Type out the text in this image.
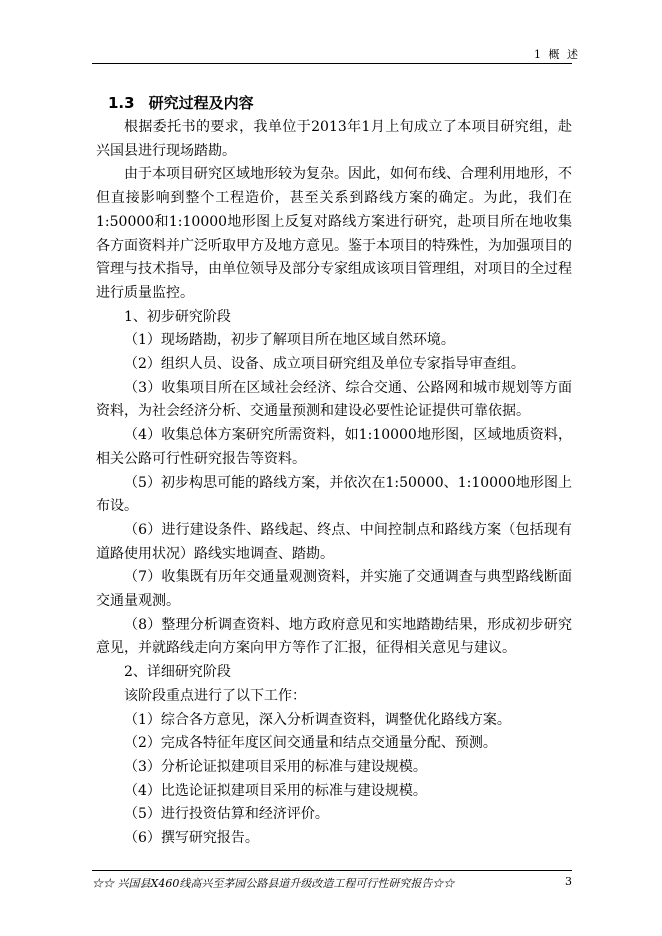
1 概 述
1.3 研究过程及内容

根据委托书的要求，我单位于2013年1月上旬成立了本项目研究组，赴兴国县进行现场踏勘。

由于本项目研究区域地形较为复杂。因此，如何布线、合理利用地形，不但直接影响到整个工程造价，甚至关系到路线方案的确定。为此，我们在1:50000和1:10000地形图上反复对路线方案进行研究，赴项目所在地收集各方面资料并广泛听取甲方及地方意见。鉴于本项目的特殊性，为加强项目的管理与技术指导，由单位领导及部分专家组成该项目管理组，对项目的全过程进行质量监控。

1、初步研究阶段

（1）现场踏勘，初步了解项目所在地区域自然环境。

（2）组织人员、设备、成立项目研究组及单位专家指导审查组。

（3）收集项目所在区域社会经济、综合交通、公路网和城市规划等方面资料，为社会经济分析、交通量预测和建设必要性论证提供可靠依据。

（4）收集总体方案研究所需资料，如1:10000地形图，区域地质资料，相关公路可行性研究报告等资料。

（5）初步构思可能的路线方案，并依次在1:50000、1:10000地形图上布设。

（6）进行建设条件、路线起、终点、中间控制点和路线方案（包括现有道路使用状况）路线实地调查、踏勘。

（7）收集既有历年交通量观测资料，并实施了交通调查与典型路线断面交通量观测。

（8）整理分析调查资料、地方政府意见和实地踏勘结果，形成初步研究意见，并就路线走向方案向甲方等作了汇报，征得相关意见与建议。

2、详细研究阶段

该阶段重点进行了以下工作：

（1）综合各方意见，深入分析调查资料，调整优化路线方案。

（2）完成各特征年度区间交通量和结点交通量分配、预测。

（3）分析论证拟建项目采用的标准与建设规模。

（4）比选论证拟建项目采用的标准与建设规模。

（5）进行投资估算和经济评价。

（6）撰写研究报告。

☆☆ 兴国县X460线高兴至茅园公路县道升级改造工程可行性研究报告☆☆	3
